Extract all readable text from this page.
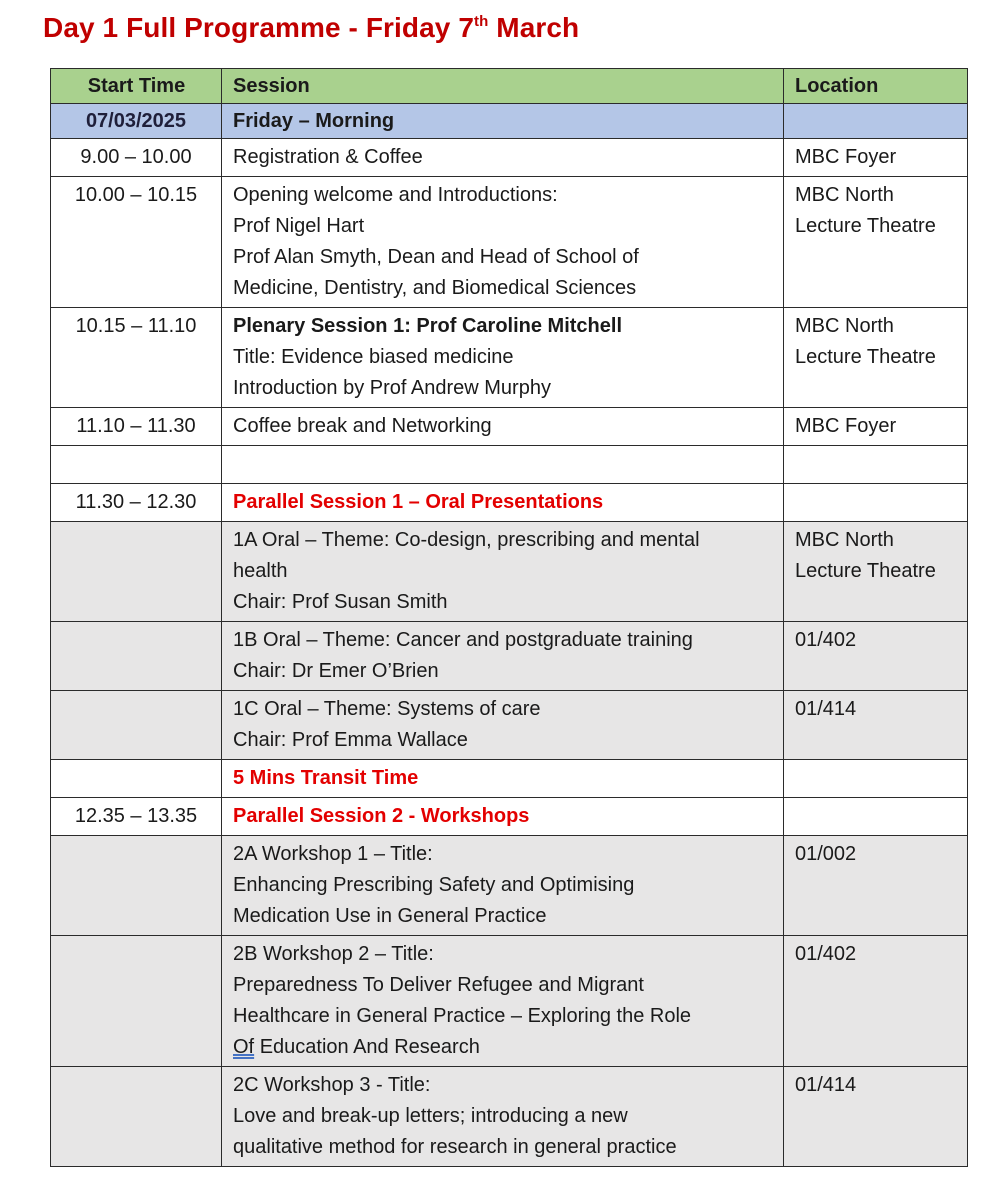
Day 1 Full Programme - Friday 7th March
Start Time	Session	Location
07/03/2025	Friday – Morning	
9.00 – 10.00	Registration & Coffee	MBC Foyer

10.00 – 10.15	Opening welcome and Introductions:
Prof Nigel Hart
Prof Alan Smyth, Dean and Head of School of
Medicine, Dentistry, and Biomedical Sciences	MBC North
Lecture Theatre

10.15 – 11.10	Plenary Session 1: Prof Caroline Mitchell
Title: Evidence biased medicine
Introduction by Prof Andrew Murphy	MBC North
Lecture Theatre

11.10 – 11.30	Coffee break and Networking	MBC Foyer

11.30 – 12.30	Parallel Session 1 – Oral Presentations	

	1A Oral – Theme: Co-design, prescribing and mental
health
Chair: Prof Susan Smith	MBC North
Lecture Theatre

	1B Oral – Theme: Cancer and postgraduate training
Chair: Dr Emer O’Brien	01/402

	1C Oral – Theme: Systems of care
Chair: Prof Emma Wallace	01/414

	5 Mins Transit Time	

12.35 – 13.35	Parallel Session 2 - Workshops	

	2A Workshop 1 – Title:
Enhancing Prescribing Safety and Optimising
Medication Use in General Practice	01/002

	2B Workshop 2 – Title:
Preparedness To Deliver Refugee and Migrant
Healthcare in General Practice – Exploring the Role
Of Education And Research	01/402

	2C Workshop 3 - Title:
Love and break-up letters; introducing a new
qualitative method for research in general practice	01/414
